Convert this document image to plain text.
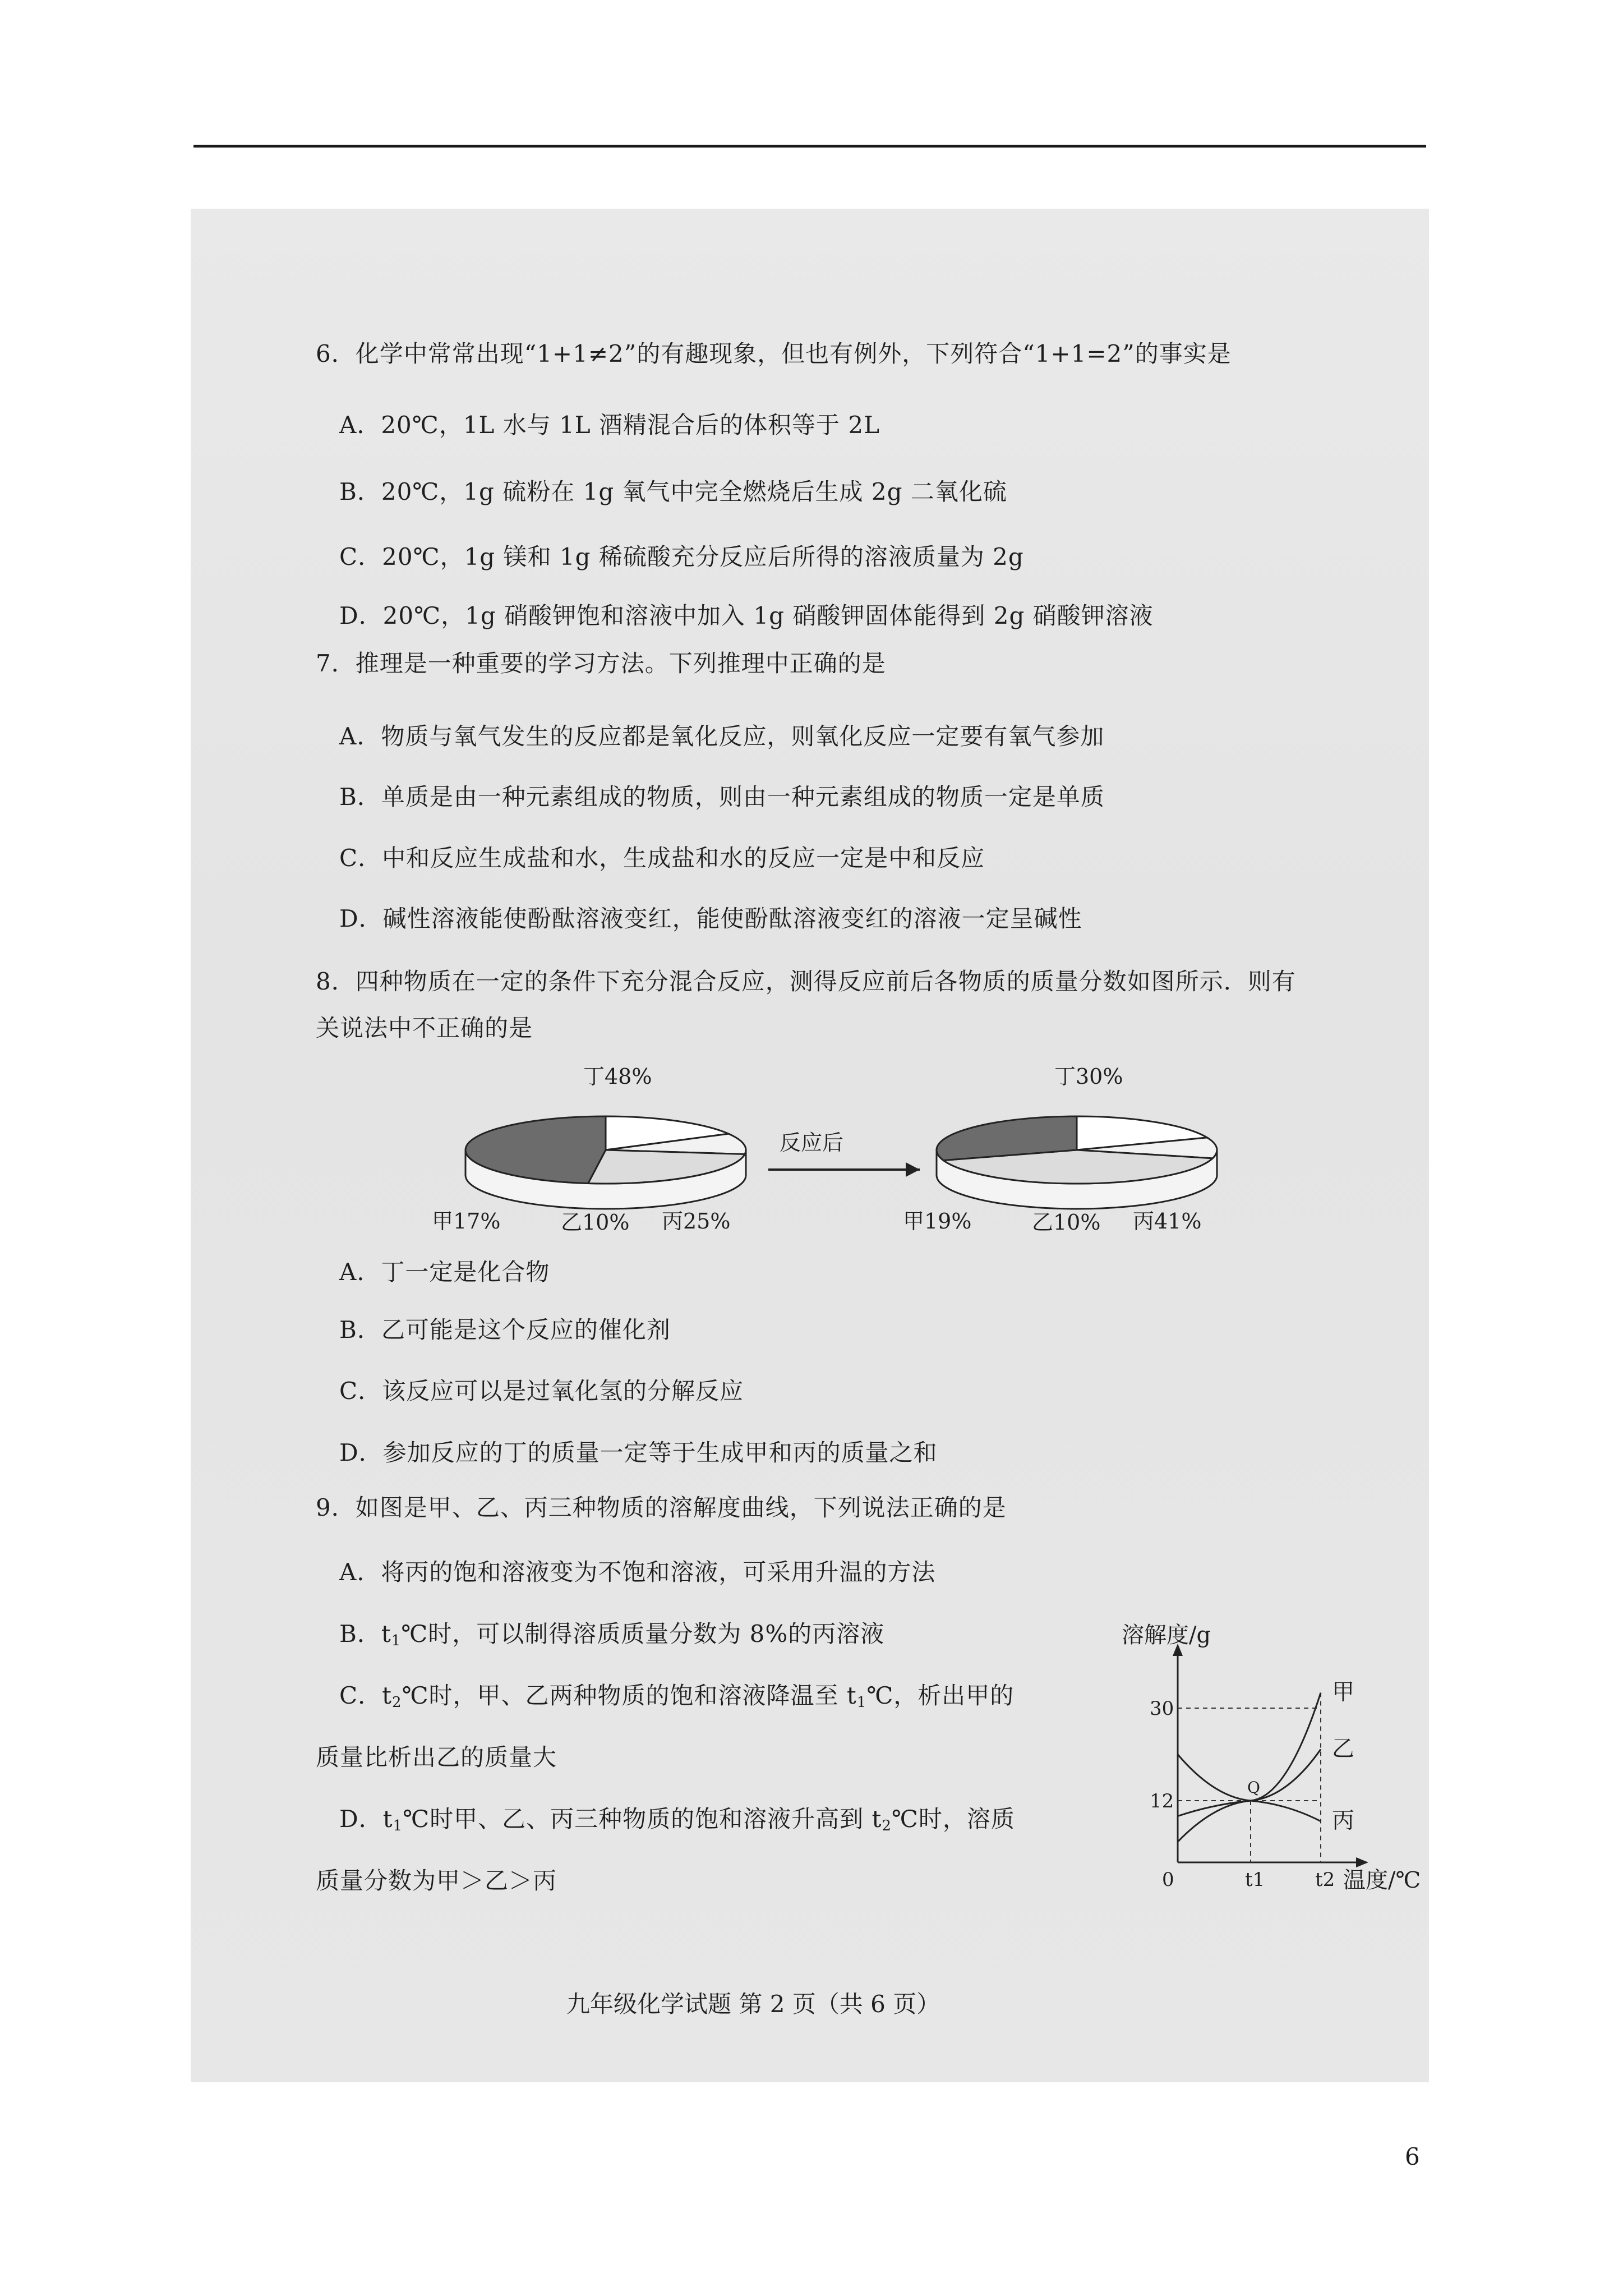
6．化学中常常出现“1+1≠2”的有趣现象，但也有例外，下列符合“1+1=2”的事实是
A．20℃，1L 水与 1L 酒精混合后的体积等于 2L
B．20℃，1g 硫粉在 1g 氧气中完全燃烧后生成 2g 二氧化硫
C．20℃，1g 镁和 1g 稀硫酸充分反应后所得的溶液质量为 2g
D．20℃，1g 硝酸钾饱和溶液中加入 1g 硝酸钾固体能得到 2g 硝酸钾溶液
7．推理是一种重要的学习方法。下列推理中正确的是
A．物质与氧气发生的反应都是氧化反应，则氧化反应一定要有氧气参加
B．单质是由一种元素组成的物质，则由一种元素组成的物质一定是单质
C．中和反应生成盐和水，生成盐和水的反应一定是中和反应
D．碱性溶液能使酚酞溶液变红，能使酚酞溶液变红的溶液一定呈碱性
8．四种物质在一定的条件下充分混合反应，测得反应前后各物质的质量分数如图所示．则有
关说法中不正确的是
丁48%
甲17%	乙10% 丙25%
丁30%
甲19%	乙10% 丙41%
反应后
A．丁一定是化合物
B．乙可能是这个反应的催化剂
C．该反应可以是过氧化氢的分解反应
D．参加反应的丁的质量一定等于生成甲和丙的质量之和
9．如图是甲、乙、丙三种物质的溶解度曲线，下列说法正确的是
A．将丙的饱和溶液变为不饱和溶液，可采用升温的方法
B．$t_1℃$时，可以制得溶质质量分数为 8%的丙溶液
C．$t_2℃$时，甲、乙两种物质的饱和溶液降温至 $t_1℃$，析出甲的
质量比析出乙的质量大
D．$t_1℃$时甲、乙、丙三种物质的饱和溶液升高到 $t_2℃$时，溶质
质量分数为甲＞乙＞丙
溶解度/g
温度/℃
12
30
0	t1	t2
甲
乙
丙
Q
九年级化学试题 第 2 页（共 6 页）
6
